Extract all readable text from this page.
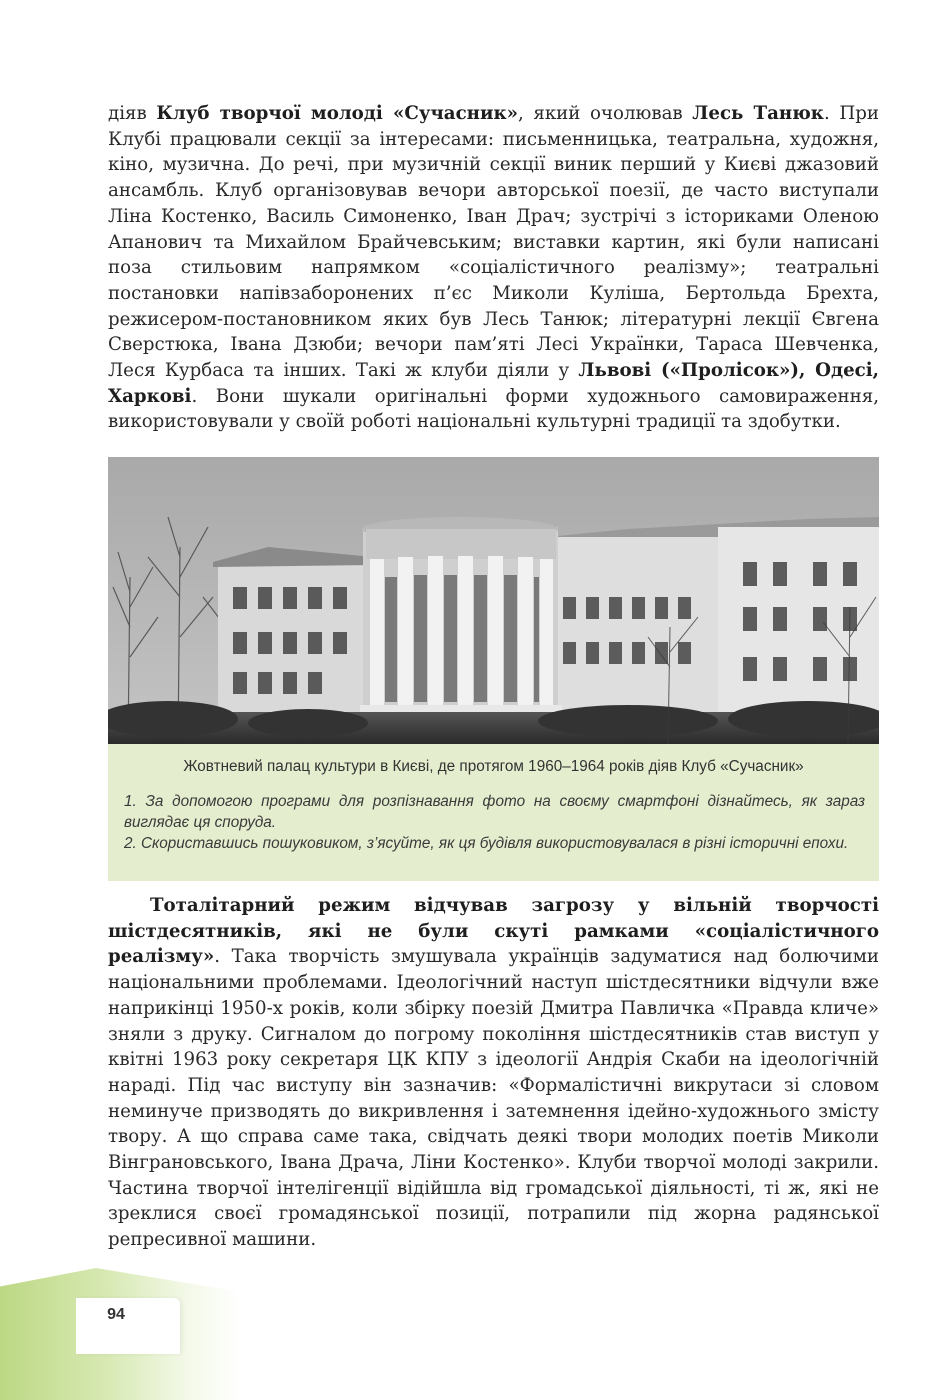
діяв Клуб творчої молоді «Сучасник», який очолював Лесь Танюк. При Клубі працювали секції за інтересами: письменницька, театральна, художня, кіно, музична. До речі, при музичній секції виник перший у Києві джазовий ансамбль. Клуб організовував вечори авторської поезії, де часто виступали Ліна Костенко, Василь Симоненко, Іван Драч; зустрічі з істориками Оленою Апанович та Михайлом Брайчевським; виставки картин, які були написані поза стильовим напрямком «соціалістичного реалізму»; театральні постановки напівзаборонених п’єс Миколи Куліша, Бертольда Брехта, режисером-постановником яких був Лесь Танюк; літературні лекції Євгена Сверстюка, Івана Дзюби; вечори пам’яті Лесі Українки, Тараса Шевченка, Леся Курбаса та інших. Такі ж клуби діяли у Львові («Пролісок»), Одесі, Харкові. Вони шукали оригінальні форми художнього самовираження, використовували у своїй роботі національні культурні традиції та здобутки.

Жовтневий палац культури в Києві, де протягом 1960–1964 років діяв Клуб «Сучасник»
1. За допомогою програми для розпізнавання фото на своєму смартфоні дізнайтесь, як зараз виглядає ця споруда.
2. Скориставшись пошуковиком, з’ясуйте, як ця будівля використовувалася в різні історичні епохи.

Тоталітарний режим відчував загрозу у вільній творчості шістдесятників, які не були скуті рамками «соціалістичного реалізму». Така творчість змушувала українців задуматися над болючими національними проблемами. Ідеологічний наступ шістдесятники відчули вже наприкінці 1950-х років, коли збірку поезій Дмитра Павличка «Правда кличе» зняли з друку. Сигналом до погрому покоління шістдесятників став виступ у квітні 1963 року секретаря ЦК КПУ з ідеології Андрія Скаби на ідеологічній нараді. Під час виступу він зазначив: «Формалістичні викрутаси зі словом неминуче призводять до викривлення і затемнення ідейно-художнього змісту твору. А що справа саме така, свідчать деякі твори молодих поетів Миколи Вінграновського, Івана Драча, Ліни Костенко». Клуби творчої молоді закрили. Частина творчої інтелігенції відійшла від громадської діяльності, ті ж, які не зреклися своєї громадянської позиції, потрапили під жорна радянської репресивної машини.

94
